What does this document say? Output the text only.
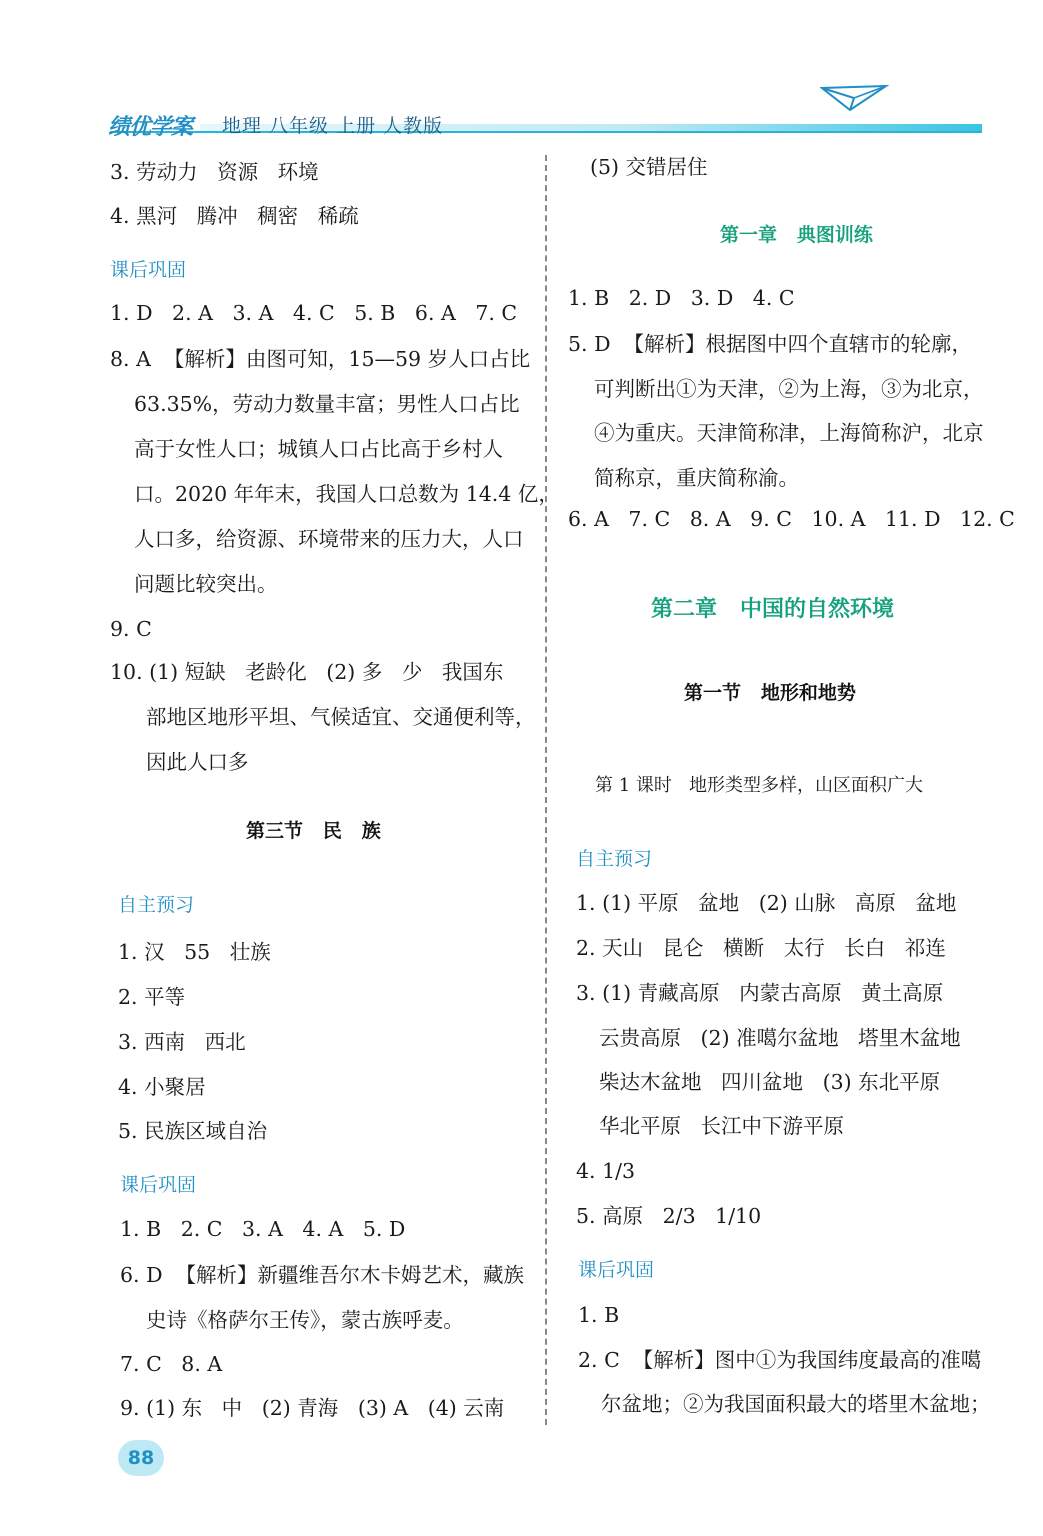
绩优学案 地理 八年级 上册 人教版
3. 劳动力   资源   环境
4. 黑河   腾冲   稠密   稀疏
课后巩固
1. D   2. A   3. A   4. C   5. B   6. A   7. C
8. A  【解析】由图可知，15—59 岁人口占比
63.35%，劳动力数量丰富；男性人口占比
高于女性人口；城镇人口占比高于乡村人
口。2020 年年末，我国人口总数为 14.4 亿，
人口多，给资源、环境带来的压力大，人口
问题比较突出。
9. C
10. (1) 短缺   老龄化   (2) 多   少   我国东
部地区地形平坦、气候适宜、交通便利等，
因此人口多
第三节   民   族
自主预习
1. 汉   55   壮族
2. 平等
3. 西南   西北
4. 小聚居
5. 民族区域自治
课后巩固
1. B   2. C   3. A   4. A   5. D
6. D  【解析】新疆维吾尔木卡姆艺术，藏族
史诗《格萨尔王传》，蒙古族呼麦。
7. C   8. A
9. (1) 东   中   (2) 青海   (3) A   (4) 云南
(5) 交错居住
第一章   典图训练
1. B   2. D   3. D   4. C
5. D  【解析】根据图中四个直辖市的轮廓，
可判断出①为天津，②为上海，③为北京，
④为重庆。天津简称津，上海简称沪，北京
简称京，重庆简称渝。
6. A   7. C   8. A   9. C   10. A   11. D   12. C
第二章   中国的自然环境
第一节   地形和地势
第 1 课时   地形类型多样，山区面积广大
自主预习
1. (1) 平原   盆地   (2) 山脉   高原   盆地
2. 天山   昆仑   横断   太行   长白   祁连
3. (1) 青藏高原   内蒙古高原   黄土高原
云贵高原   (2) 准噶尔盆地   塔里木盆地
柴达木盆地   四川盆地   (3) 东北平原
华北平原   长江中下游平原
4. 1/3
5. 高原   2/3   1/10
课后巩固
1. B
2. C  【解析】图中①为我国纬度最高的准噶
尔盆地；②为我国面积最大的塔里木盆地；
88
